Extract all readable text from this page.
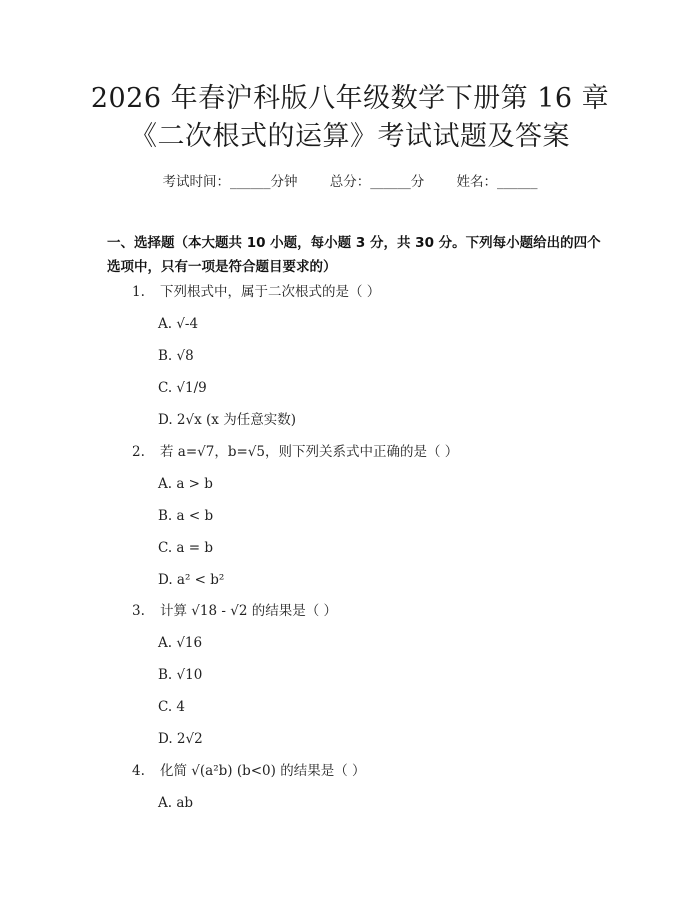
2026 年春沪科版八年级数学下册第 16 章
《二次根式的运算》考试试题及答案
考试时间：______分钟 总分：______分 姓名：______
一、选择题（本大题共 10 小题，每小题 3 分，共 30 分。下列每小题给出的四个选项中，只有一项是符合题目要求的）
1. 下列根式中，属于二次根式的是（ ）
A. √-4
B. √8
C. √1/9
D. 2√x (x 为任意实数)
2. 若 a=√7，b=√5，则下列关系式中正确的是（ ）
A. a > b
B. a < b
C. a = b
D. a² < b²
3. 计算 √18 - √2 的结果是（ ）
A. √16
B. √10
C. 4
D. 2√2
4. 化简 √(a²b) (b<0) 的结果是（ ）
A. ab
